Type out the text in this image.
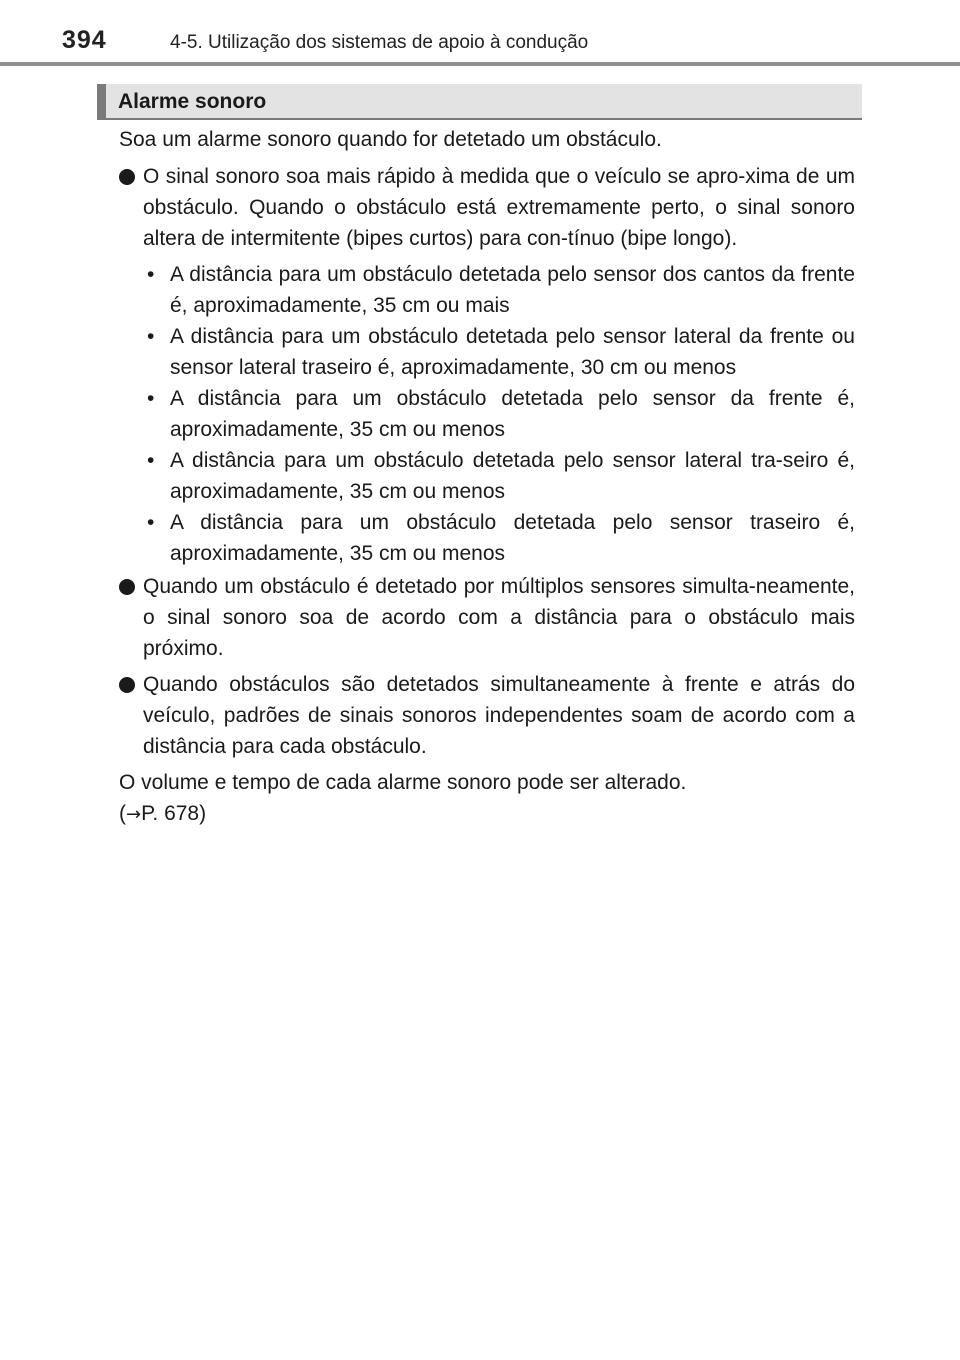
394	4-5. Utilização dos sistemas de apoio à condução
Alarme sonoro

Soa um alarme sonoro quando for detetado um obstáculo.

O sinal sonoro soa mais rápido à medida que o veículo se apro-xima de um obstáculo. Quando o obstáculo está extremamente perto, o sinal sonoro altera de intermitente (bipes curtos) para con-tínuo (bipe longo).
• A distância para um obstáculo detetada pelo sensor dos cantos da frente é, aproximadamente, 35 cm ou mais
• A distância para um obstáculo detetada pelo sensor lateral da frente ou sensor lateral traseiro é, aproximadamente, 30 cm ou menos
• A distância para um obstáculo detetada pelo sensor da frente é, aproximadamente, 35 cm ou menos
• A distância para um obstáculo detetada pelo sensor lateral tra-seiro é, aproximadamente, 35 cm ou menos
• A distância para um obstáculo detetada pelo sensor traseiro é, aproximadamente, 35 cm ou menos
Quando um obstáculo é detetado por múltiplos sensores simulta-neamente, o sinal sonoro soa de acordo com a distância para o obstáculo mais próximo.
Quando obstáculos são detetados simultaneamente à frente e atrás do veículo, padrões de sinais sonoros independentes soam de acordo com a distância para cada obstáculo.

O volume e tempo de cada alarme sonoro pode ser alterado.

(→P. 678)
